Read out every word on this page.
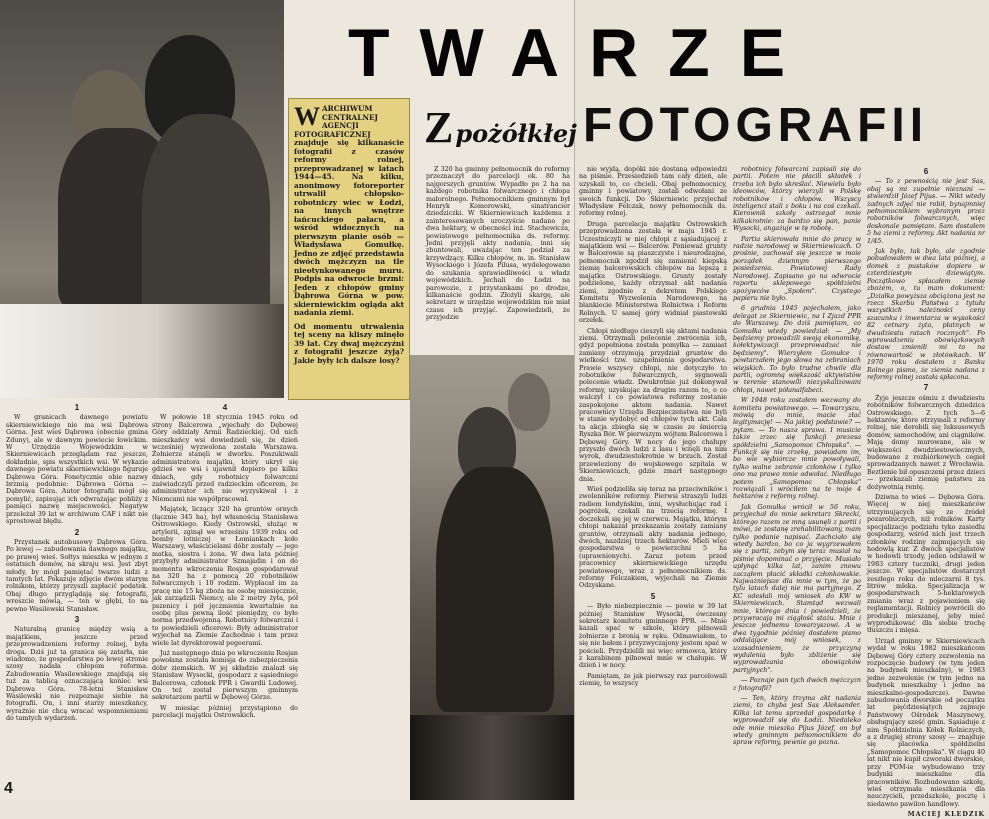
W ARCHIWUM CENTRALNEJ AGENCJI FOTOGRAFICZNEJ znajduje się kilkanaście fotografii z czasów reformy rolnej, przeprowadzanej w latach 1944—45. Na kilku, anonimowy fotoreporter utrwalił chłopsko-robotniczy wiec w Łodzi, na innych wnętrze łańcuckiego pałacu, a wśród widocznych na pierwszym planie osób — Władysława Gomułkę. Jedno ze zdjęć przedstawia dwóch mężczyzn na tle nieotynkowanego muru. Podpis na odwrocie brzmi: Jeden z chłopów gminy Dąbrowa Górna w pow. skierniewickim ogląda akt nadania ziemi.
Od momentu utrwalenia tej sceny na kliszy minęło 39 lat. Czy dwaj mężczyźni z fotografii jeszcze żyją? Jakie były ich dalsze losy?
1

W granicach dawnego powiatu skierniewickiego nie ma wsi Dąbrowa Górna. Jest wieś Dąbrowa (obecnie gmina Zduny), ale w dawnym powiecie łowickim. W Urzędzie Wojewódzkim w Skierniewicach przeglądam raz jeszcze, dokładnie, spis wszystkich wsi. W wykazie dawnego powiatu skierniewickiego figuruje Dąbrowa Góra. Fonetycznie obie nazwy brzmią podobnie: Dąbrowa Górna — Dąbrowa Góra. Autor fotografii mógł się pomylić, zapisując ich odwrażając pobliży z pamięci nazwę miejscowości. Negatyw przeleżał 39 lat w archiwum CAF i nikt nie sprostował błędu.

2

Przystanek autobusowy Dąbrowa Góra. Po lewej — zabudowania dawnego majątku, po prawej wieś. Sołtys mieszka w jednym z ostatnich domów, na skraju wsi. Jest zbyt młody, by mógł pamiętać twarze ludzi z tamtych lat. Pokazuje zdjęcie dwóm starym rolnikom, którzy przyszli zapłacić podatek. Obaj długo przyglądają się fotografii, wreszcie mówią, — ten w głębi, to na pewno Wasilewski Stanisław.

3

Naturalną granicę między wsią a majątkiem, jeszcze przed przeprowadzeniem reformy rolnej, była droga. Dziś już ta granica się zatarła, nie wiadomo, że gospodarstwa po lewej stronie szosy nadała chłopom reforma. Zabudowania Wasilewskiego znajdują się tuż za tablicą oznaczającą koniec wsi Dąbrowa Góra. 78-letni Stanisław Wasilewski nie rozpoznaje siebie na fotografii. On, i inni starzy mieszkańcy, wyraźnie nie chcą wracać wspomnieniami do tamtych wydarzeń.

4

W połowie 18 stycznia 1945 roku od strony Balcerowa „wjechały do Dębowej Góry oddziały Armii Radzieckiej. Od nich mieszkańcy wsi dowiedzieli się, że dzień wcześniej wyzwolona została Warszawa. Żołnierze stanęli w dworku. Poszukiwali administratora majątku, który ukrył się gdzieś we wsi i ujawnił dopiero po kilku dniach, gdy robotnicy folwarczni zaświadczyli przed radzieckim oficerem, że administrator ich nie wyzyskiwał i z Niemcami nie współpracował.

Majątek, liczący 320 ha gruntów ornych (łącznie 345 ha), był własnością Stanisława Ostrowskiego. Kiedy Ostrowski, służąc w artylerii, zginął we wrześniu 1939 roku od bomby lotniczej w Łomiankach koło Warszawy, właścicielami dóbr zostały — jego matka, siostra i żona. W dwa lata później przybyły administrator Szmajadin i on do momentu wkroczenia Rosjan gospodarował na 320 ha z pomocą 20 robotników folwarcznych i 10 rodzin. Wypłacał im za pracę nie 15 kg zboża na osobę miesięcznie, jak zarządzili Niemcy, ale 2 metry żyta, pół pszenicy i pół jęczmienia kwartalnie na osobę plus pewną ilość pieniędzy, co było norma przedwojenną. Robotnicy folwarczni i to powiedzieli oficerowi: Były administrator wyjechał na Ziemie Zachodnie i tam przez wiele lat dyrektorował pegeerami.

Już następnego dnia po wkroczeniu Rosjan powołana została komisja do zabezpieczenia dóbr ziemskich. W jej składzie znalazł się Stanisław Wysocki, gospodarz z sąsiedniego Balcerowa, członek PPR i Gwardii Ludowej. On też został pierwszym gminnym sekretarzem partii w Dębowej Górze.

W miesiąc później przystąpiono do parcelacji majątku Ostrowskich.

Z 320 ha gminny pełnomocnik do reformy przeznaczył do parcelacji ok. 80 ha najgorszych gruntów. Wypadło po 2 ha na każdego robotnika folwarcznego i chłopa małorolnego. Pełnomocnikiem gminnym był Henryk Komorowski, sinatrancier dziedziczki. W Skierniewicach każdemu z zainteresowanych uroczyście nadano po dwa hektary, w obecności inż. Stachowicza, powiatowego pełnomocnika ds. reformy. Jedni przyjęli akty nadania, inni się zbuntowali, uważając ten podział za krzywdzący. Kilku chłopów, m. in. Stanisław Wysockiego i Józefa Pilusa, wydelegowano do szukania sprawiedliwości u władz wojewódzkich. Jechali do Łodzi na parowozie, z przystankami po drodze, kilkanaście godzin. Złożyli skargę, ale sekretarz w urzędzie wojewódzkim nie miał czasu ich przyjąć. Zapowiedzieli, że przyjedzie

4

nie wyjdą, dopóki nie dostaną odpowiedzi na piśmie. Przesiedzieli tam cały dzień, ale uzyskali to, co chcieli. Obaj pełnomocnicy, gminny i powiatowy, zostali odwołani ze swoich funkcji. Do Skierniewic przyjechał Władysław Felczak, nowy pełnomocnik ds. reformy rolnej.

Druga parcelacja majątku Ostrowskich przeprowadzona została w maju 1945 r. Uczestniczyli w niej chłopi z sąsiadującej z majątkiem wsi — Balcerów. Ponieważ grunty w Balcerowie są piaszczyste i nieurodzajne, pełnomocnik zgodził się zamienić kiepską ziemię balcerowskich chłopów na lepszą z majątku Ostrowskiego. Grunty zostały podzielone, każdy otrzymał akt nadania ziemi, zgodnie z dekretem Polskiego Komitetu Wyzwolenia Narodowego, na blankiecie Ministerstwa Rolnictwa i Reform Rolnych. U samej góry widniał piastowski orzełek.

Chłopi niedługo cieszyli się aktami nadania ziemi. Otrzymali polecenie zwrócenia ich, gdyż popełniona została pomyłka — zamiast zamiany otrzymują przydział gruntów do wielkości tzw. uzupełnienia gospodarstwa. Prawie wszyscy chłopi, nie dotyczyło to robotników folwarcznych, sygnowali polecenie władz. Dwukrotnie już dokonywał reformy, uzyskując za drugim razem to, o co walczył i co powiatowa reformy zostanie zaspokojone aktem nadania. Nawet pracownicy Urzędu Bezpieczeństwa nie byli w stanie wydobyć od chłopów tych akt. Cała ta akcja zbiegła się w czasie ze śmiercią Ryszka Bór. W pierwszym wójtem Balcerowa i Dębowej Góry. W nocy do jego chałupy przyszło dwóch ludzi z lasu i wzięli na nim wyrok, dwudziestokrotnie w brzuch. Został przewieziony do wojskowego szpitala w Skierniewicach, gdzie zmarł następnego dnia.

Wieś podzieliła się teraz na przeciwników i zwolenników reformy. Pierwsi straszyli ludzi radiem londyńskim, inni, wysłuchując rad i pogróżek, czekali na trzecią reformę. I doczekali się jej w czerwcu. Majątku, którym chłopi nakazał przekazania zostały zamiany gruntów, otrzymali akty nadania jednego, dwóch, nazdziej trzech hektarów. Mieli więc gospodarstwa o powierzchni 5 ha (uprawnionych). Zaraz potem przed pracownicy skierniewickiego urzędu powiatowego, wraz z pełnomocnikiem ds. reformy Felczakiem, wyjechali na Ziemie Odzyskane.

5

— Było niebezpiecznie — powie w 39 lat później Stanisław Wysocki, ówczesny sekretarz komitetu gminnego PPR. — Mnie kazali spać w szkole, który pilnowali żołnierze z bronią w ręku. Odmawiałem, to się nie bałem i przyzwyczajony jestem spać w pościeli. Przydzielili mi więc ormowca, który z karabinem pilnował mnie w chałupie. W dzień i w nocy.

Pamiętam, że jak pierwszy raz parcelowali ziemię, to wszyscy

robotnicy folwarczni zapisali się do partii. Potem nie płacili składek i trzeba ich było skreślać. Niewielu było ideowców, którzy wierzyli w Polskę robotników i chłopów. Wszyscy inteligenci stali z boku i na coś czekali. Kierownik szkoły ostrzegał mnie kilkakrotnie: za bardzo się pan, panie Wysocki, angażuje w tę robotę.

Partia skierowała mnie do pracy w radzie narodowej w Skierniewicach. O prośnie, zachował się jeszcze w moie porządek dziennym pierwszego posiedzenia. Powiatowej Rady Narodowej. Zapisano go na odwrocie raportu sklepowego spółdzielni spożywców „Społem". Czystego papieru nie było.

6 grudnia 1945 pojechałem, jako delegat ze Skierniewic, na I Zjazd PPR do Warszawy. Do dziś pamiętam, co Gomułka wtedy powiedział: — „My będziemy prowadzili swoją ekonomikę, kołektywizacji przeprowadzać nie będziemy". Wierzyłem Gomułce i powtarzałem jego słowa na zebraniach wiejskich. To było trudne chwile dla partii, ogromną większość aktywistów w terenie stanowili niezyskalizowani chłopi, nawet półanalfabeci.

W 1948 roku zostałem wezwany do komitetu powiatowego. — Towarzyszu, mówią do mnie, macie złać legitymację! — Na jakiej podstawie? — pytam. — To nasza sprawa. I musicie także zrzec się funkcji prezesa spółdzielni „Samopomoc Chłopska". — Funkcji się nie zrzekę, powiadam im, bo wie wybiórcze mnie powoływali, tylko walne zebranie członków i tylko ono ma prawo mnie odwołać. Niedługo potem „Samopomoc Chłopska" rozwiązali i wróciłem na te moje 4 hektarów z reformy rolnej.

Jak Gomułka wrócił w 56 roku, przyjechał do mnie sekretarz Skrecki, którego razem ze mną usunęli z partii i mówi, że zostanę zrehabilitowany, mam tylko podanie napisać. Zachciało się wtedy bardzo, bo co ja wygrzewałem się z partii, żebym się teraz musiał na piśmie dopominać o przyjęcie. Musiało upłynąć kilka lat, zanim znowu zacząłem płacić składki członkowskie. Najważniejsze dla mnie w tym, że po tylu latach dalej nie ma partyjnego. Z KC odesłali mój wniosek do KW w Skierniewicach. Stamtąd wezwali mnie, którego dnia i powiedzieli, że przywracają mi ciągłość stażu. Mnie i jeszcze jednemu towarzyszowi. A w dwa tygodnie później dostałem pismo oddalające mój wniosek, z uzasadnieniem, że przyczyną wydalenia było zbliżenie się wyprowadzania obowiązków partyjnych".

— Poznaje pan tych dwóch mężczyzn z fotografii?

— Ten, który trzyma akt nadania ziemi, to chyba jest Sas Aleksander. Kilka lat temu sprzedał gospodarkę i wyprowadził się do Łodzi. Niedaleko ode mnie mieszka Pijus Józef, on był wtedy gminnym pełnomocnikiem do spraw reformy, pewnie go pozna.

6

— To z pewnością nie jest Sas, obaj są mi zupełnie nieznani — stwierdził Józef Pijus. — Nikt wtedy żadnych zdjęć nie robił, bynajmniej pełnomocnikiem wybranym przez robotników folwarcznych, więc doskonale pamiętam. Sam dostałem 5 ha ziemi z reformy. Akt nadania nr 1/45.

Jak było, tak było, ale zgodnie pobudowałem w dwa lata później, a domek z pustaków dopiero w czterdziestym dziewiątym. Początkowo spłacałem ziemię zbożem, o, tu mam dokument: „Działka powyższa obciążona jest na rzecz Skarbu Państwa z tytułu wszystkich należności ceny szacunku i inwentarza w wysokości 82 cetnary żyta, płatnych w dwudziestu ratach rocznych". Po wprowadzeniu obowiązkowych dostaw zmieniłi mi to na równowartość w złotówkach. W 1970 roku dostałem z Banku Rolnego pismo, że ziemia nadana z reformy rolnej została spłacona.

7

Żyje jeszcze ośmiu z dwudziestu robotników folwarcznych dziedzica Ostrowskiego. Z tych 5—6 hektarów, które otrzymali z reformy rolnej, nie dorobili się luksusowych domów, samochodów, ani ciągników. Mają domy murowane, ale w większości dwudziestowiecznych, budowane z rozbiórkowych cegieł sprowadzanych nawet z Wrocławia. Beztlenie bił opuszczeni przez dzieci — przekazali ziemię państwu za dożywotnią rentę.

Dziwna to wieś — Dębowa Góra. Więcej w niej mieszkańców utrzymujących się ze źródeł pozarolniczych, niż rolników. Karty specjalizacje podziału tyko zasiedlu gospodarzy, wśród nich jest trzech członków rodziny zajmujących się hodowlą kur. Z dwóch specjalistów w hodowli trzody, jeden odstawił w 1983 cztery tuczniki, drugi jeden jeszcze. W specjalistów dostarczył zeszłego roku do mleczarni 8 tys. litrów mleka. Specjalizacja w gospodarstwach 5-hektarowych zmiania wraz z pojawieniem się reglamentacji. Rolnicy powrócili do produkcji mieszanej, jeby mieć wyprodukować dla siebie trochę tłuszczu i mięsa.

Urząd gminny w Skierniewicach wydał w roku 1982 mieszkańcom Dębowej Góry cztery zezwolenia na rozpoczęcie budowy (w tym jeden na budynek mieszkalny), w 1983 jedno zezwolenie (w tym jedno na budynek mieszkalny i jedno na mieszkalno-gospodarcze). Dawne zabudowania dworskie od początku lat pięćdziesiątych zajmuje Państwowy Ośrodek Maszynowy, obsługujący sześć gmin. Sąsiaduje z nim Spółdzielnia Kółek Rolniczych, a z drugiej strony szosy — znajduje się placówka spółdzielni „Samopomoc Chłopska". W ciągu 40 lat nikt nie kupił czworaki dworskie, przy POM-ie wybudowano trzy budynki mieszkalne dla pracowników. Rozbudowano szkołę, wieś otrzymała mieszkania dla nauczycieli, przedszkole, pocztę i niedawno pawilon handlowy.

MACIEJ KLEDZIK
TWARZE
Zpożółkłej FOTOGRAFII
